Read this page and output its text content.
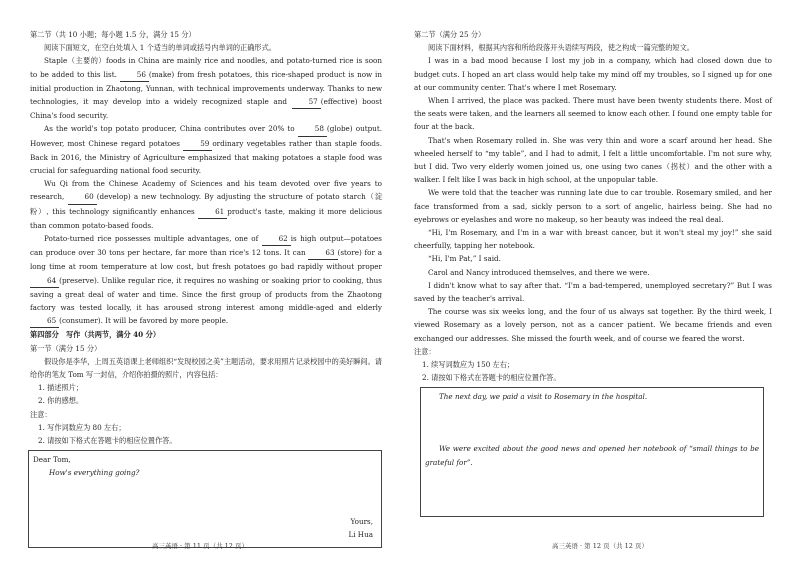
第二节（共 10 小题；每小题 1.5 分，满分 15 分）

阅读下面短文，在空白处填入 1 个适当的单词或括号内单词的正确形式。

Staple（主要的）foods in China are mainly rice and noodles, and potato-turned rice is soon to be added to this list. 56 (make) from fresh potatoes, this rice-shaped product is now in initial production in Zhaotong, Yunnan, with technical improvements underway. Thanks to new technologies, it may develop into a widely recognized staple and 57 (effective) boost China's food security.

As the world's top potato producer, China contributes over 20% to 58 (globe) output. However, most Chinese regard potatoes 59 ordinary vegetables rather than staple foods. Back in 2016, the Ministry of Agriculture emphasized that making potatoes a staple food was crucial for safeguarding national food security.

Wu Qi from the Chinese Academy of Sciences and his team devoted over five years to research, 60 (develop) a new technology. By adjusting the structure of potato starch（淀粉）, this technology significantly enhances 61 product's taste, making it more delicious than common potato-based foods.

Potato-turned rice possesses multiple advantages, one of 62 is high output—potatoes can produce over 30 tons per hectare, far more than rice's 12 tons. It can 63 (store) for a long time at room temperature at low cost, but fresh potatoes go bad rapidly without proper 64 (preserve). Unlike regular rice, it requires no washing or soaking prior to cooking, thus saving a great deal of water and time. Since the first group of products from the Zhaotong factory was tested locally, it has aroused strong interest among middle-aged and elderly 65 (consumer). It will be favored by more people.

第四部分　写作（共两节，满分 40 分）

第一节（满分 15 分）

假设你是李华，上周五英语课上老师组织“发现校园之美”主题活动，要求用照片记录校园中的美好瞬间。请给你的笔友 Tom 写一封信，介绍你拍摄的照片，内容包括：

1. 描述照片；

2. 你的感想。

注意：

1. 写作词数应为 80 左右；

2. 请按如下格式在答题卡的相应位置作答。

Dear Tom,

How's everything going?

Yours,

Li Hua

高三英语 · 第 11 页（共 12 页）

第二节（满分 25 分）

阅读下面材料，根据其内容和所给段落开头语续写两段，使之构成一篇完整的短文。

I was in a bad mood because I lost my job in a company, which had closed down due to budget cuts. I hoped an art class would help take my mind off my troubles, so I signed up for one at our community center. That's where I met Rosemary.

When I arrived, the place was packed. There must have been twenty students there. Most of the seats were taken, and the learners all seemed to know each other. I found one empty table for four at the back.

That's when Rosemary rolled in. She was very thin and wore a scarf around her head. She wheeled herself to “my table”, and I had to admit, I felt a little uncomfortable. I'm not sure why, but I did. Two very elderly women joined us, one using two canes（拐杖）and the other with a walker. I felt like I was back in high school, at the unpopular table.

We were told that the teacher was running late due to car trouble. Rosemary smiled, and her face transformed from a sad, sickly person to a sort of angelic, hairless being. She had no eyebrows or eyelashes and wore no makeup, so her beauty was indeed the real deal.

“Hi, I'm Rosemary, and I'm in a war with breast cancer, but it won't steal my joy!” she said cheerfully, tapping her notebook.

“Hi, I'm Pat,” I said.

Carol and Nancy introduced themselves, and there we were.

I didn't know what to say after that. “I'm a bad-tempered, unemployed secretary?” But I was saved by the teacher's arrival.

The course was six weeks long, and the four of us always sat together. By the third week, I viewed Rosemary as a lovely person, not as a cancer patient. We became friends and even exchanged our addresses. She missed the fourth week, and of course we feared the worst.

注意：

1. 续写词数应为 150 左右；

2. 请按如下格式在答题卡的相应位置作答。

The next day, we paid a visit to Rosemary in the hospital.

We were excited about the good news and opened her notebook of “small things to be grateful for”.

高三英语 · 第 12 页（共 12 页）
